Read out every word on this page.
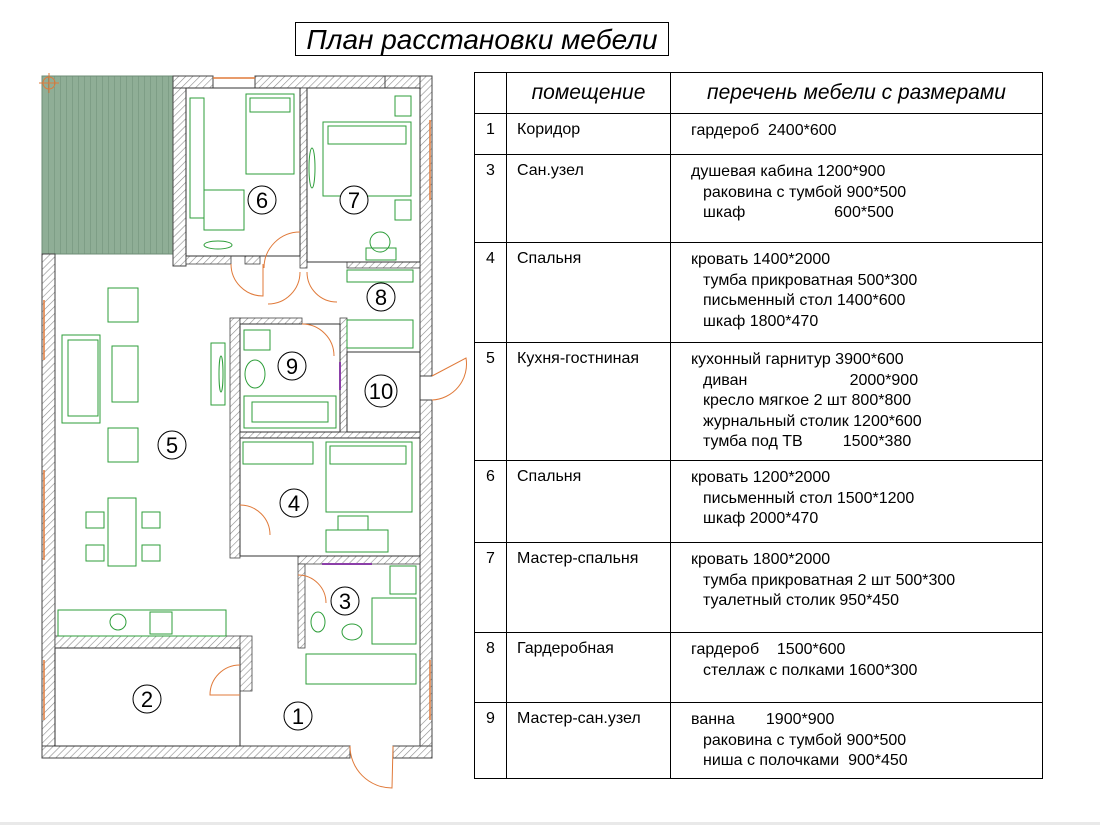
План расстановки мебели
1
2
3
4
5
6	7
8
9
10
	помещение	перечень мебели с размерами
1	Коридор	гардероб  2400*600

3	Сан.узел	душевая кабина 1200*900
раковина с тумбой 900*500
шкаф                    600*500

4	Спальня	кровать 1400*2000
тумба прикроватная 500*300
письменный стол 1400*600
шкаф 1800*470

5	Кухня-гостниная	кухонный гарнитур 3900*600
диван                       2000*900
кресло мягкое 2 шт 800*800
журнальный столик 1200*600
тумба под ТВ         1500*380

6	Спальня	кровать 1200*2000
письменный стол 1500*1200
шкаф 2000*470

7	Мастер-спальня	кровать 1800*2000
тумба прикроватная 2 шт 500*300
туалетный столик 950*450

8	Гардеробная	гардероб    1500*600
стеллаж с полками 1600*300

9	Мастер-сан.узел	ванна       1900*900
раковина с тумбой 900*500
ниша с полочками  900*450
